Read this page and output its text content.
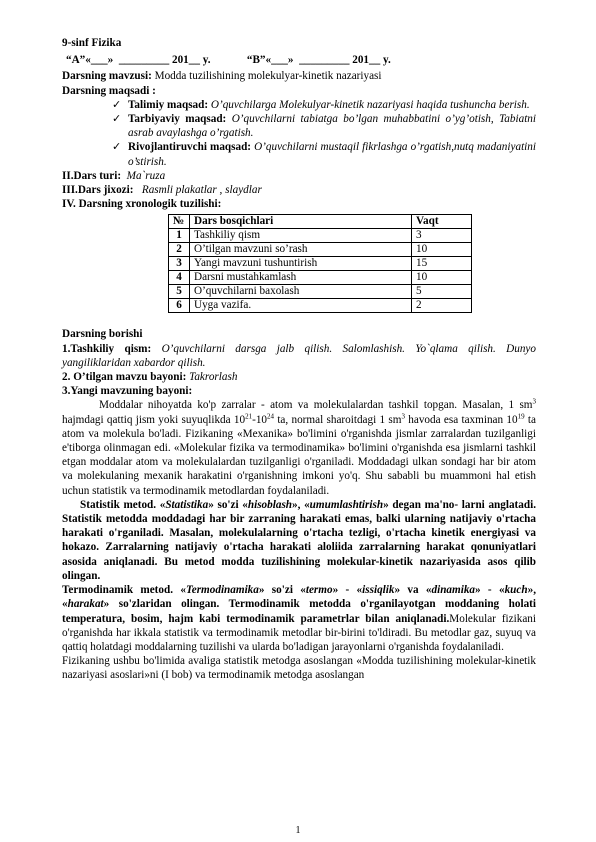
9-sinf Fizika

“A”«___»  _________ 201__ y.             “B”«___»  _________ 201__ y.

Darsning mavzusi: Modda tuzilishining molekulyar-kinetik nazariyasi

Darsning maqsadi :

✓ Talimiy maqsad: O’quvchilarga Molekulyar-kinetik nazariyasi haqida tushuncha berish.
✓ Tarbiyaviy maqsad: O’quvchilarni tabiatga bo’lgan muhabbatini o’yg’otish, Tabiatni asrab avaylashga o’rgatish.
✓ Rivojlantiruvchi maqsad: O’quvchilarni mustaqil fikrlashga o’rgatish,nutq madaniyatini o’stirish.

II.Dars turi:  Ma`ruza

III.Dars jixozi:   Rasmli plakatlar , slaydlar

IV. Darsning xronologik tuzilishi:

№	Dars bosqichlari	Vaqt
1	Tashkiliy qism	3
2	O’tilgan mavzuni so’rash	10
3	Yangi mavzuni tushuntirish	15
4	Darsni mustahkamlash	10
5	O’quvchilarni baxolash	5
6	Uyga vazifa.	2

Darsning borishi

1.Tashkiliy qism: O’quvchilarni darsga jalb qilish. Salomlashish. Yo`qlama qilish. Dunyo yangiliklaridan xabardor qilish.

2. O’tilgan mavzu bayoni: Takrorlash

3.Yangi mavzuning bayoni:

Moddalar nihoyatda ko'p zarralar - atom va molekulalardan tashkil topgan. Masalan, 1 $sm^3$ hajmdagi qattiq jism yoki suyuqlikda $10^{21}-10^{24}$ ta, normal sharoitdagi 1 $sm^3$ havoda esa taxminan $10^{19}$ ta atom va molekula bo'ladi. Fizikaning «Mexanika» bo'limini o'rganishda jismlar zarralardan tuzilganligi e'tiborga olinmagan edi. «Molekular fizika va termodinamika» bo'limini o'rganishda esa jismlarni tashkil etgan moddalar atom va molekulalardan tuzilganligi o'rganiladi. Moddadagi ulkan sondagi har bir atom va molekulaning mexanik harakatini o'rganishning imkoni yo'q. Shu sababli bu muammoni hal etish uchun statistik va termodinamik metodlardan foydalaniladi.

Statistik metod. «Statistika» so'zi «hisoblash», «umumlashtirish» degan ma'no- larni anglatadi. Statistik metodda moddadagi har bir zarraning harakati emas, balki ularning natijaviy o'rtacha harakati o'rganiladi. Masalan, molekulalarning o'rtacha tezligi, o'rtacha kinetik energiyasi va hokazo. Zarralarning natijaviy o'rtacha harakati aloliida zarralarning harakat qonuniyatlari asosida aniqlanadi. Bu metod modda tuzilishining molekular-kinetik nazariyasida asos qilib olingan.

Termodinamik metod. «Termodinamika» so'zi «termo» - «issiqlik» va «dinamika» - «kuch», «harakat» so'zlaridan olingan. Termodinamik metodda o'rganilayotgan moddaning holati temperatura, bosim, hajm kabi termodinamik parametrlar bilan aniqlanadi.Molekular fizikani o'rganishda har ikkala statistik va termodinamik metodlar bir-birini to'ldiradi. Bu metodlar gaz, suyuq va qattiq holatdagi moddalarning tuzilishi va ularda bo'ladigan jarayonlarni o'rganishda foydalaniladi.

Fizikaning ushbu bo'limida avaliga statistik metodga asoslangan «Modda tuzilishining molekular-kinetik nazariyasi asoslari»ni (I bob) va termodinamik metodga asoslangan

1
